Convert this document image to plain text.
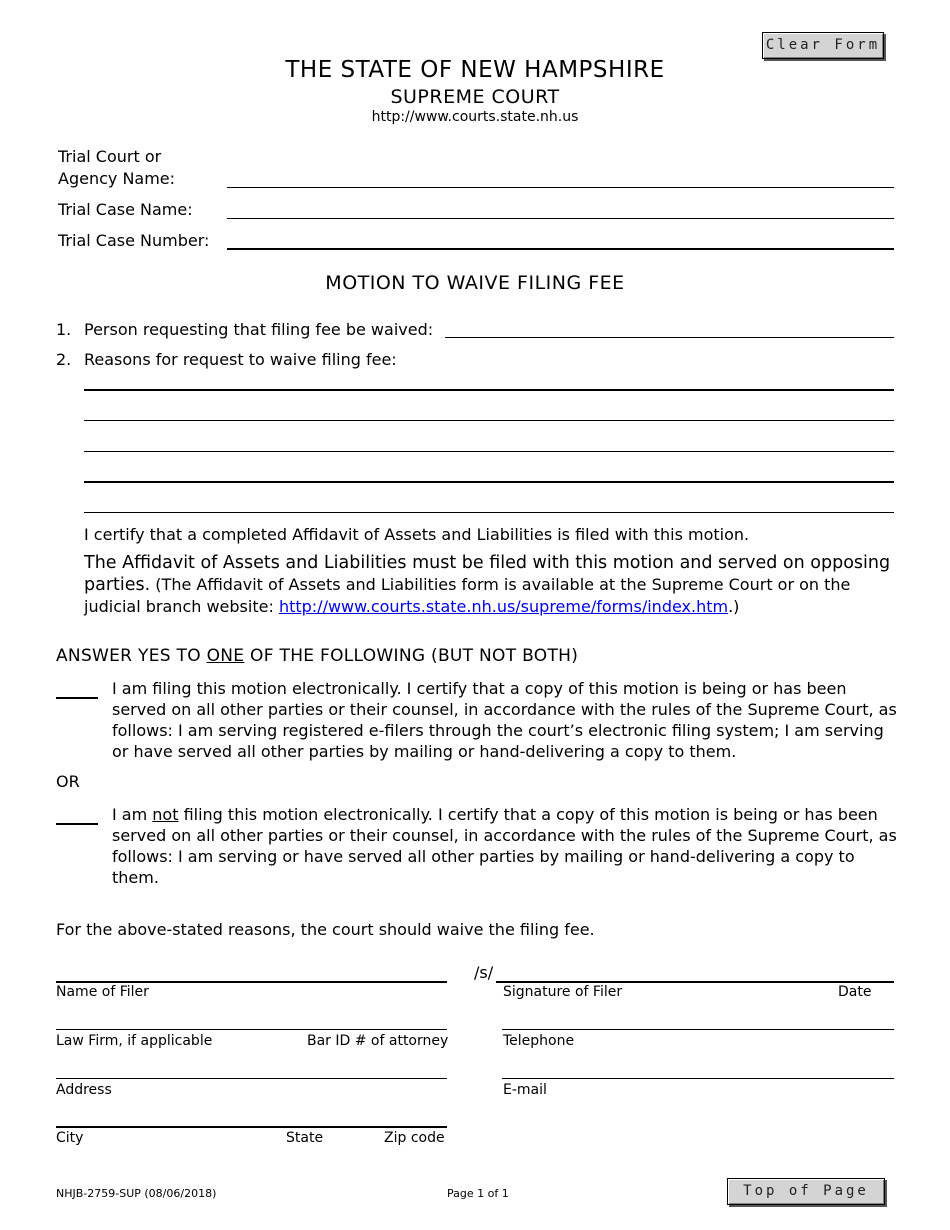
Clear Form
THE STATE OF NEW HAMPSHIRE
SUPREME COURT
http://www.courts.state.nh.us
Trial Court or
Agency Name:
Trial Case Name:
Trial Case Number:
MOTION TO WAIVE FILING FEE
1. Person requesting that filing fee be waived:
2. Reasons for request to waive filing fee:
I certify that a completed Affidavit of Assets and Liabilities is filed with this motion.
The Affidavit of Assets and Liabilities must be filed with this motion and served on opposing parties. (The Affidavit of Assets and Liabilities form is available at the Supreme Court or on the judicial branch website: http://www.courts.state.nh.us/supreme/forms/index.htm.)
ANSWER YES TO ONE OF THE FOLLOWING (BUT NOT BOTH)
I am filing this motion electronically. I certify that a copy of this motion is being or has been served on all other parties or their counsel, in accordance with the rules of the Supreme Court, as follows: I am serving registered e-filers through the court’s electronic filing system; I am serving or have served all other parties by mailing or hand-delivering a copy to them.
OR
I am not filing this motion electronically. I certify that a copy of this motion is being or has been served on all other parties or their counsel, in accordance with the rules of the Supreme Court, as follows: I am serving or have served all other parties by mailing or hand-delivering a copy to them.
For the above-stated reasons, the court should waive the filing fee.
/s/
Name of Filer	Signature of Filer	Date
Law Firm, if applicable	Bar ID # of attorney	Telephone
Address	E-mail
City	State	Zip code
NHJB-2759-SUP (08/06/2018)	Page 1 of 1	Top of Page
